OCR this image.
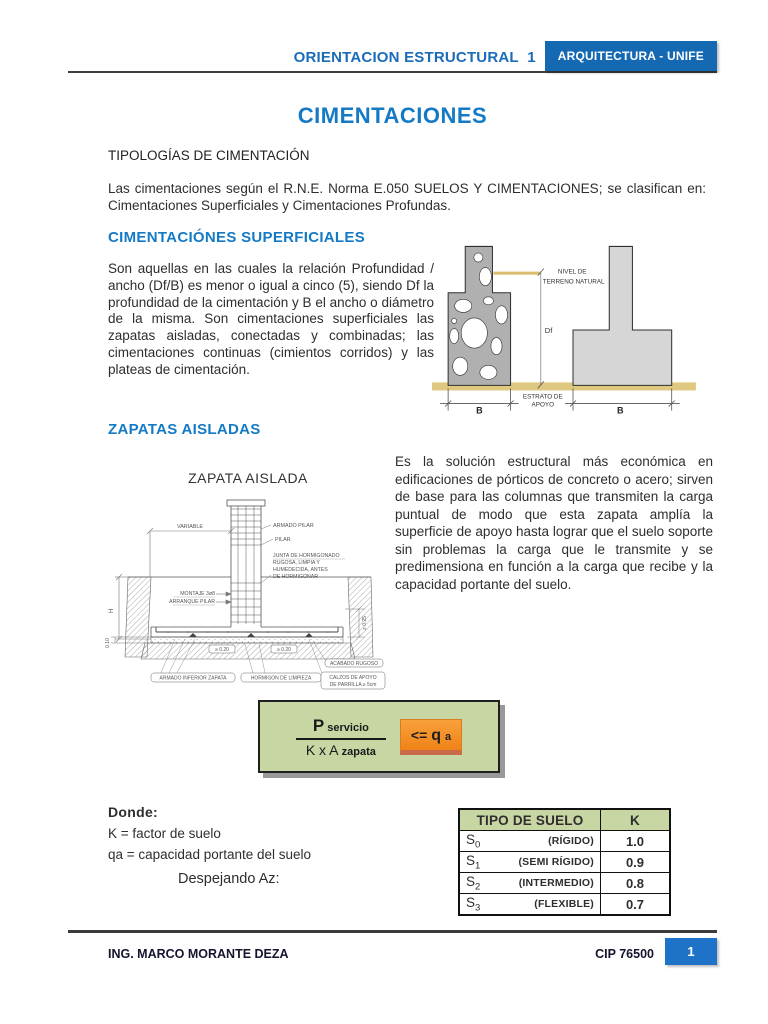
ORIENTACION ESTRUCTURAL  1	ARQUITECTURA - UNIFE
CIMENTACIONES
TIPOLOGÍAS DE CIMENTACIÓN
Las cimentaciones según el R.N.E. Norma E.050 SUELOS Y CIMENTACIONES; se clasifican en: Cimentaciones Superficiales y Cimentaciones Profundas.
CIMENTACIÓNES SUPERFICIALES
Son aquellas en las cuales la relación Profundidad / ancho (Df/B) es menor o igual a cinco (5), siendo Df la profundidad de la cimentación y B el ancho o diámetro de la misma. Son cimentaciones superficiales las zapatas aisladas, conectadas y combinadas; las cimentaciones continuas (cimientos corridos) y las plateas de cimentación.
Df
NIVEL DE
TERRENO NATURAL
ESTRATO DE
APOYO
B	B
ZAPATAS AISLADAS
Es la solución estructural más económica en edificaciones de pórticos de concreto o acero; sirven de base para las columnas que transmiten la carga puntual de modo que esta zapata amplía la superficie de apoyo hasta lograr que el suelo soporte sin problemas la carga que le transmite y se predimensiona en función a la carga que recibe y la capacidad portante del suelo.
ZAPATA AISLADA
VARIABLE	ARMADO PILAR
PILAR
JUNTA DE HORMIGONADO
RUGOSA, LIMPIA Y
HUMEDECIDA, ANTES
DE HORMIGONAR
MONTAJE 3ø8
ARRANQUE PILAR
H
≥ 0.25
0.10
≥ 0.20	≥ 0.20
ARMADO INFERIOR ZAPATA	HORMIGON DE LIMPIEZA
ACABADO RUGOSO
CALZOS DE APOYO
DE PARRILLA ≥ 5cm
$\frac{\text{P servicio}}{\text{K x A zapata}} <= q$ a
Donde:
K = factor de suelo
qa = capacidad portante del suelo
Despejando Az:
TIPO DE SUELO	K

$S_0$ (RÍGIDO)	1.0

$S_1$ (SEMI RÍGIDO)	0.9

$S_2$ (INTERMEDIO)	0.8

$S_3$ (FLEXIBLE)	0.7
ING. MARCO MORANTE DEZA	CIP 76500	1
